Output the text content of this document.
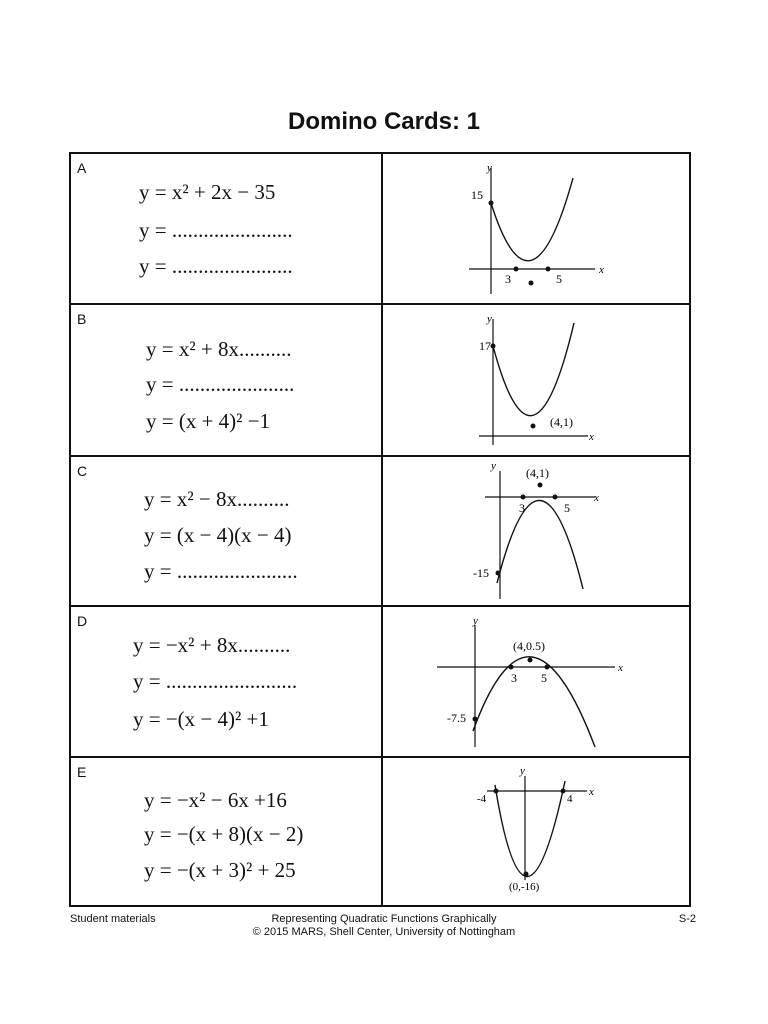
Domino Cards: 1
A
y = x² + 2x − 35
y = .......................
y = .......................
y
x
15
3	5
B
y = x² + 8x..........
y = ......................
y = (x + 4)² −1
y
x
17
(4,1)
C
y = x² − 8x..........
y = (x − 4)(x − 4)
y = .......................
y
x
(4,1)
3	5
-15
D
y = −x² + 8x..........
y = .........................
y = −(x − 4)² +1
y
x
(4,0.5)
3 5
-7.5
E
y = −x² − 6x +16
y = −(x + 8)(x − 2)
y = −(x + 3)² + 25
y
x
-4	4
(0,-16)
Student materials	Representing Quadratic Functions Graphically
© 2015 MARS, Shell Center, University of Nottingham
S-2
